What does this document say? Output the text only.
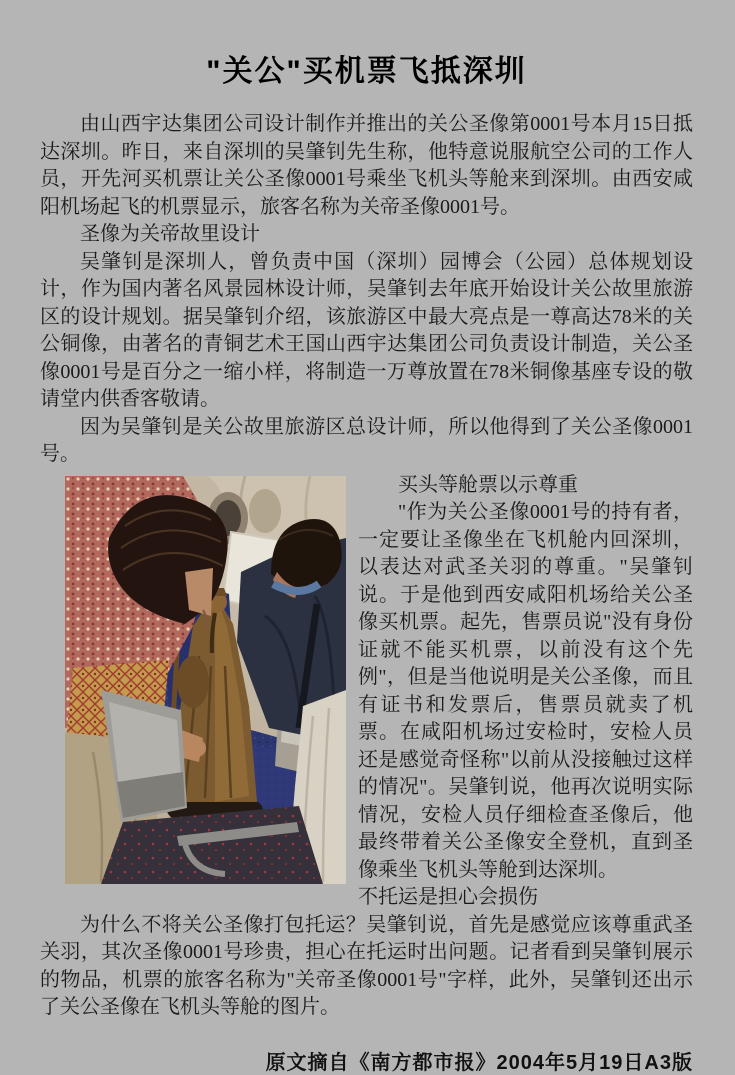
"关公"买机票飞抵深圳

由山西宇达集团公司设计制作并推出的关公圣像第0001号本月15日抵达深圳。昨日，来自深圳的吴肇钊先生称，他特意说服航空公司的工作人员，开先河买机票让关公圣像0001号乘坐飞机头等舱来到深圳。由西安咸阳机场起飞的机票显示，旅客名称为关帝圣像0001号。

圣像为关帝故里设计

吴肇钊是深圳人，曾负责中国（深圳）园博会（公园）总体规划设计，作为国内著名风景园林设计师，吴肇钊去年底开始设计关公故里旅游区的设计规划。据吴肇钊介绍，该旅游区中最大亮点是一尊高达78米的关公铜像，由著名的青铜艺术王国山西宇达集团公司负责设计制造，关公圣像0001号是百分之一缩小样，将制造一万尊放置在78米铜像基座专设的敬请堂内供香客敬请。

因为吴肇钊是关公故里旅游区总设计师，所以他得到了关公圣像0001号。

买头等舱票以示尊重

"作为关公圣像0001号的持有者，一定要让圣像坐在飞机舱内回深圳，以表达对武圣关羽的尊重。"吴肇钊说。于是他到西安咸阳机场给关公圣像买机票。起先，售票员说"没有身份证就不能买机票，以前没有这个先例"，但是当他说明是关公圣像，而且有证书和发票后，售票员就卖了机票。在咸阳机场过安检时，安检人员还是感觉奇怪称"以前从没接触过这样的情况"。吴肇钊说，他再次说明实际情况，安检人员仔细检查圣像后，他最终带着关公圣像安全登机，直到圣像乘坐飞机头等舱到达深圳。

不托运是担心会损伤

为什么不将关公圣像打包托运？吴肇钊说，首先是感觉应该尊重武圣关羽，其次圣像0001号珍贵，担心在托运时出问题。记者看到吴肇钊展示的物品，机票的旅客名称为"关帝圣像0001号"字样，此外，吴肇钊还出示了关公圣像在飞机头等舱的图片。

原文摘自《南方都市报》2004年5月19日A3版
